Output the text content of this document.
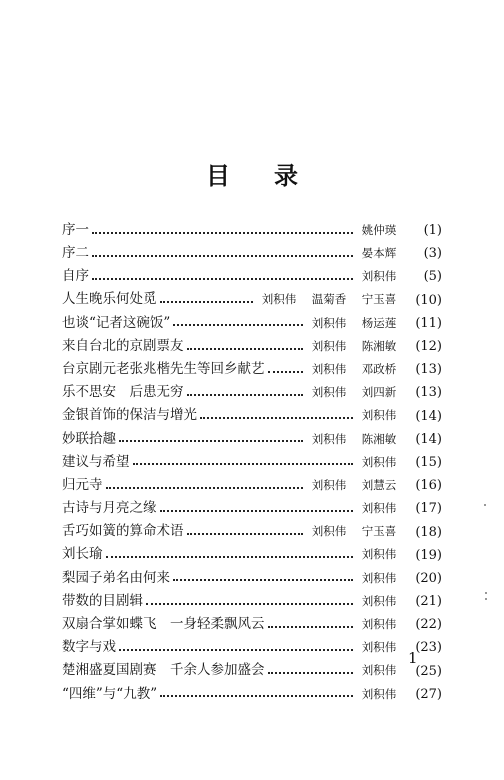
目录
序一	姚仲瑛	(1)
序二	晏本辉	(3)
自序	刘积伟	(5)
人生晚乐何处觅	刘积伟	温菊香	宁玉喜	(10)
也谈“记者这碗饭”	刘积伟	杨运莲	(11)
来自台北的京剧票友	刘积伟	陈湘敏	(12)
台京剧元老张兆楷先生等回乡献艺	刘积伟	邓政桥	(13)
乐不思安　后患无穷	刘积伟	刘四新	(13)
金银首饰的保洁与增光	刘积伟	(14)
妙联拾趣	刘积伟	陈湘敏	(14)
建议与希望	刘积伟	(15)
归元寺	刘积伟	刘慧云	(16)
古诗与月亮之缘	刘积伟	(17)
舌巧如簧的算命术语	刘积伟	宁玉喜	(18)
刘长瑜	刘积伟	(19)
梨园子弟名由何来	刘积伟	(20)
带数的目剧辑	刘积伟	(21)
双扇合掌如蝶飞　一身轻柔飘风云	刘积伟	(22)
数字与戏	刘积伟	(23)
楚湘盛夏国剧赛　千余人参加盛会	刘积伟	(25)
“四维”与“九教”	刘积伟	(27)
1
